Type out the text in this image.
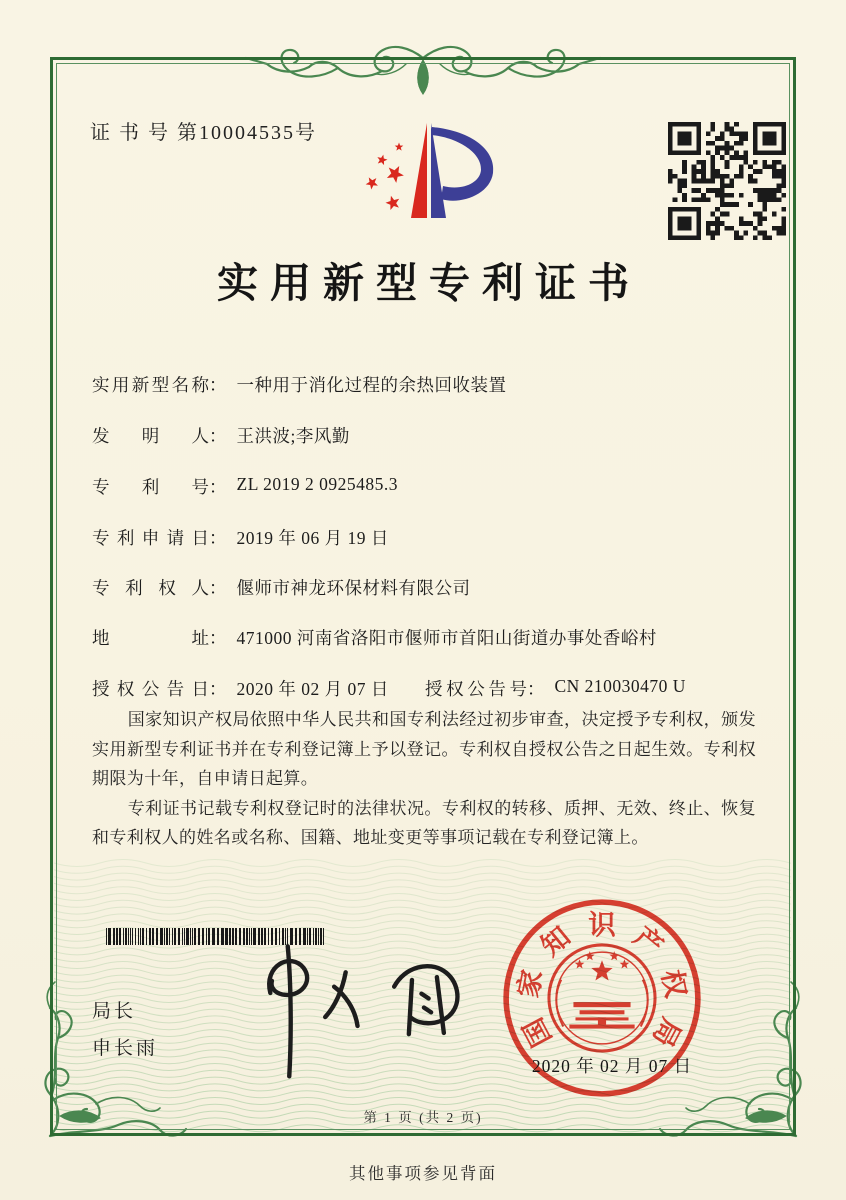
证 书 号 第10004535号
实用新型专利证书
实用新型名称： 一种用于消化过程的余热回收装置
发明人： 王洪波;李风勤
专利号： ZL 2019 2 0925485.3
专利申请日： 2019 年 06 月 19 日
专利权人： 偃师市神龙环保材料有限公司
地址： 471000 河南省洛阳市偃师市首阳山街道办事处香峪村
授权公告日： 2020 年 02 月 07 日	授权公告号： CN 210030470 U

国家知识产权局依照中华人民共和国专利法经过初步审查，决定授予专利权，颁发实用新型专利证书并在专利登记簿上予以登记。专利权自授权公告之日起生效。专利权期限为十年，自申请日起算。

专利证书记载专利权登记时的法律状况。专利权的转移、质押、无效、终止、恢复和专利权人的姓名或名称、国籍、地址变更等事项记载在专利登记簿上。

局长
申长雨	国
家
知 识 产
权
局
2020 年 02 月 07 日
第 1 页 (共 2 页)
其他事项参见背面
